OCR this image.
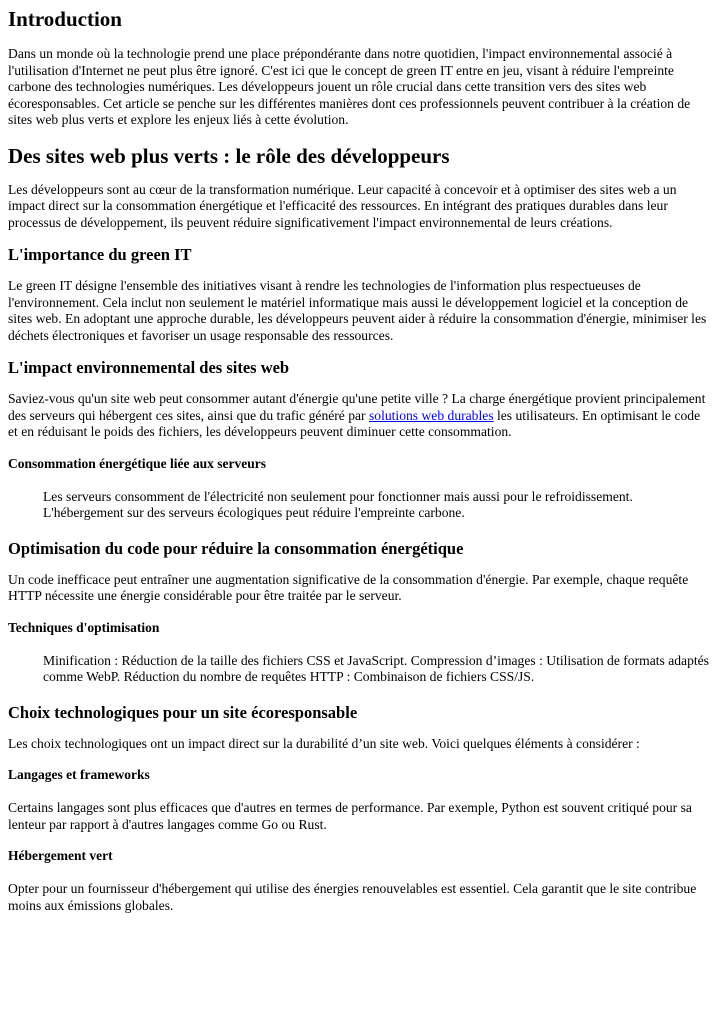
Introduction

Dans un monde où la technologie prend une place prépondérante dans notre quotidien, l'impact environnemental associé à l'utilisation d'Internet ne peut plus être ignoré. C'est ici que le concept de green IT entre en jeu, visant à réduire l'empreinte carbone des technologies numériques. Les développeurs jouent un rôle crucial dans cette transition vers des sites web écoresponsables. Cet article se penche sur les différentes manières dont ces professionnels peuvent contribuer à la création de sites web plus verts et explore les enjeux liés à cette évolution.

Des sites web plus verts : le rôle des développeurs

Les développeurs sont au cœur de la transformation numérique. Leur capacité à concevoir et à optimiser des sites web a un impact direct sur la consommation énergétique et l'efficacité des ressources. En intégrant des pratiques durables dans leur processus de développement, ils peuvent réduire significativement l'impact environnemental de leurs créations.

L'importance du green IT

Le green IT désigne l'ensemble des initiatives visant à rendre les technologies de l'information plus respectueuses de l'environnement. Cela inclut non seulement le matériel informatique mais aussi le développement logiciel et la conception de sites web. En adoptant une approche durable, les développeurs peuvent aider à réduire la consommation d'énergie, minimiser les déchets électroniques et favoriser un usage responsable des ressources.

L'impact environnemental des sites web

Saviez-vous qu'un site web peut consommer autant d'énergie qu'une petite ville ? La charge énergétique provient principalement des serveurs qui hébergent ces sites, ainsi que du trafic généré par solutions web durables les utilisateurs. En optimisant le code et en réduisant le poids des fichiers, les développeurs peuvent diminuer cette consommation.

Consommation énergétique liée aux serveurs
Les serveurs consomment de l'électricité non seulement pour fonctionner mais aussi pour le refroidissement. L'hébergement sur des serveurs écologiques peut réduire l'empreinte carbone.
Optimisation du code pour réduire la consommation énergétique

Un code inefficace peut entraîner une augmentation significative de la consommation d'énergie. Par exemple, chaque requête HTTP nécessite une énergie considérable pour être traitée par le serveur.

Techniques d'optimisation
Minification : Réduction de la taille des fichiers CSS et JavaScript. Compression d’images : Utilisation de formats adaptés comme WebP. Réduction du nombre de requêtes HTTP : Combinaison de fichiers CSS/JS.
Choix technologiques pour un site écoresponsable

Les choix technologiques ont un impact direct sur la durabilité d’un site web. Voici quelques éléments à considérer :

Langages et frameworks

Certains langages sont plus efficaces que d'autres en termes de performance. Par exemple, Python est souvent critiqué pour sa lenteur par rapport à d'autres langages comme Go ou Rust.

Hébergement vert

Opter pour un fournisseur d'hébergement qui utilise des énergies renouvelables est essentiel. Cela garantit que le site contribue moins aux émissions globales.
